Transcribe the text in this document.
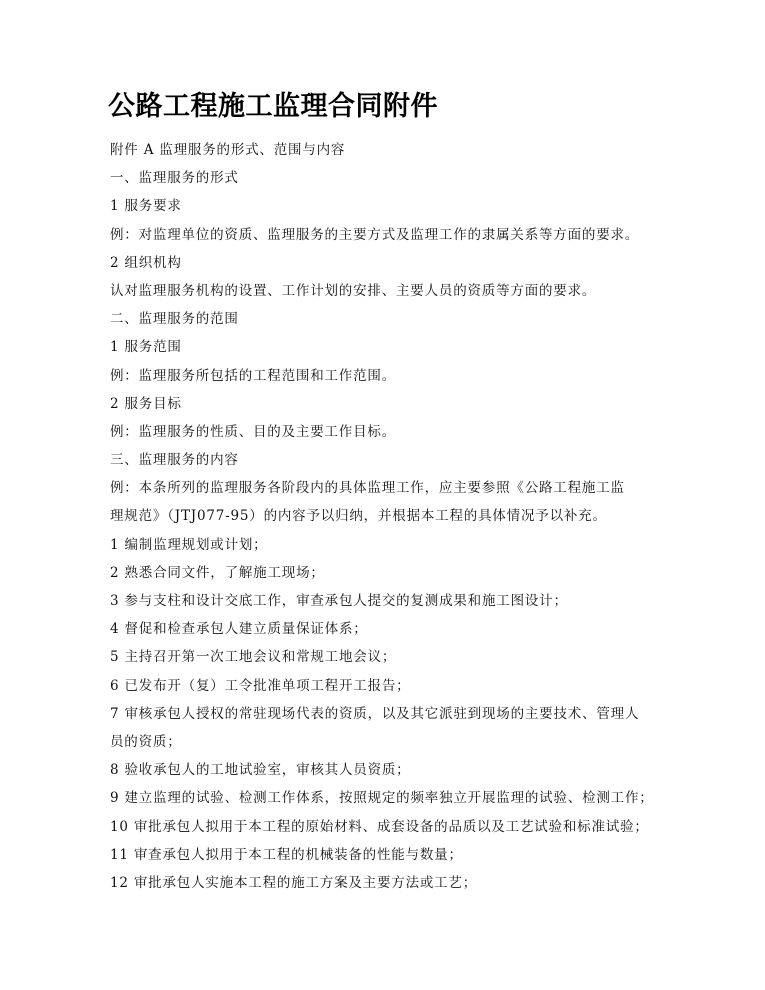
公路工程施工监理合同附件
附件 A 监理服务的形式、范围与内容
一、监理服务的形式
1 服务要求
例：对监理单位的资质、监理服务的主要方式及监理工作的隶属关系等方面的要求。
2 组织机构
认对监理服务机构的设置、工作计划的安排、主要人员的资质等方面的要求。
二、监理服务的范围
1 服务范围
例：监理服务所包括的工程范围和工作范围。
2 服务目标
例：监理服务的性质、目的及主要工作目标。
三、监理服务的内容
例：本条所列的监理服务各阶段内的具体监理工作，应主要参照《公路工程施工监
理规范》（JTJ077-95）的内容予以归纳，并根据本工程的具体情况予以补充。
1 编制监理规划或计划；
2 熟悉合同文件，了解施工现场；
3 参与支柱和设计交底工作，审查承包人提交的复测成果和施工图设计；
4 督促和检查承包人建立质量保证体系；
5 主持召开第一次工地会议和常规工地会议；
6 已发布开（复）工令批准单项工程开工报告；
7 审核承包人授权的常驻现场代表的资质，以及其它派驻到现场的主要技术、管理人
员的资质；
8 验收承包人的工地试验室，审核其人员资质；
9 建立监理的试验、检测工作体系，按照规定的频率独立开展监理的试验、检测工作；
10 审批承包人拟用于本工程的原始材料、成套设备的品质以及工艺试验和标准试验；
11 审查承包人拟用于本工程的机械装备的性能与数量；
12 审批承包人实施本工程的施工方案及主要方法或工艺；
